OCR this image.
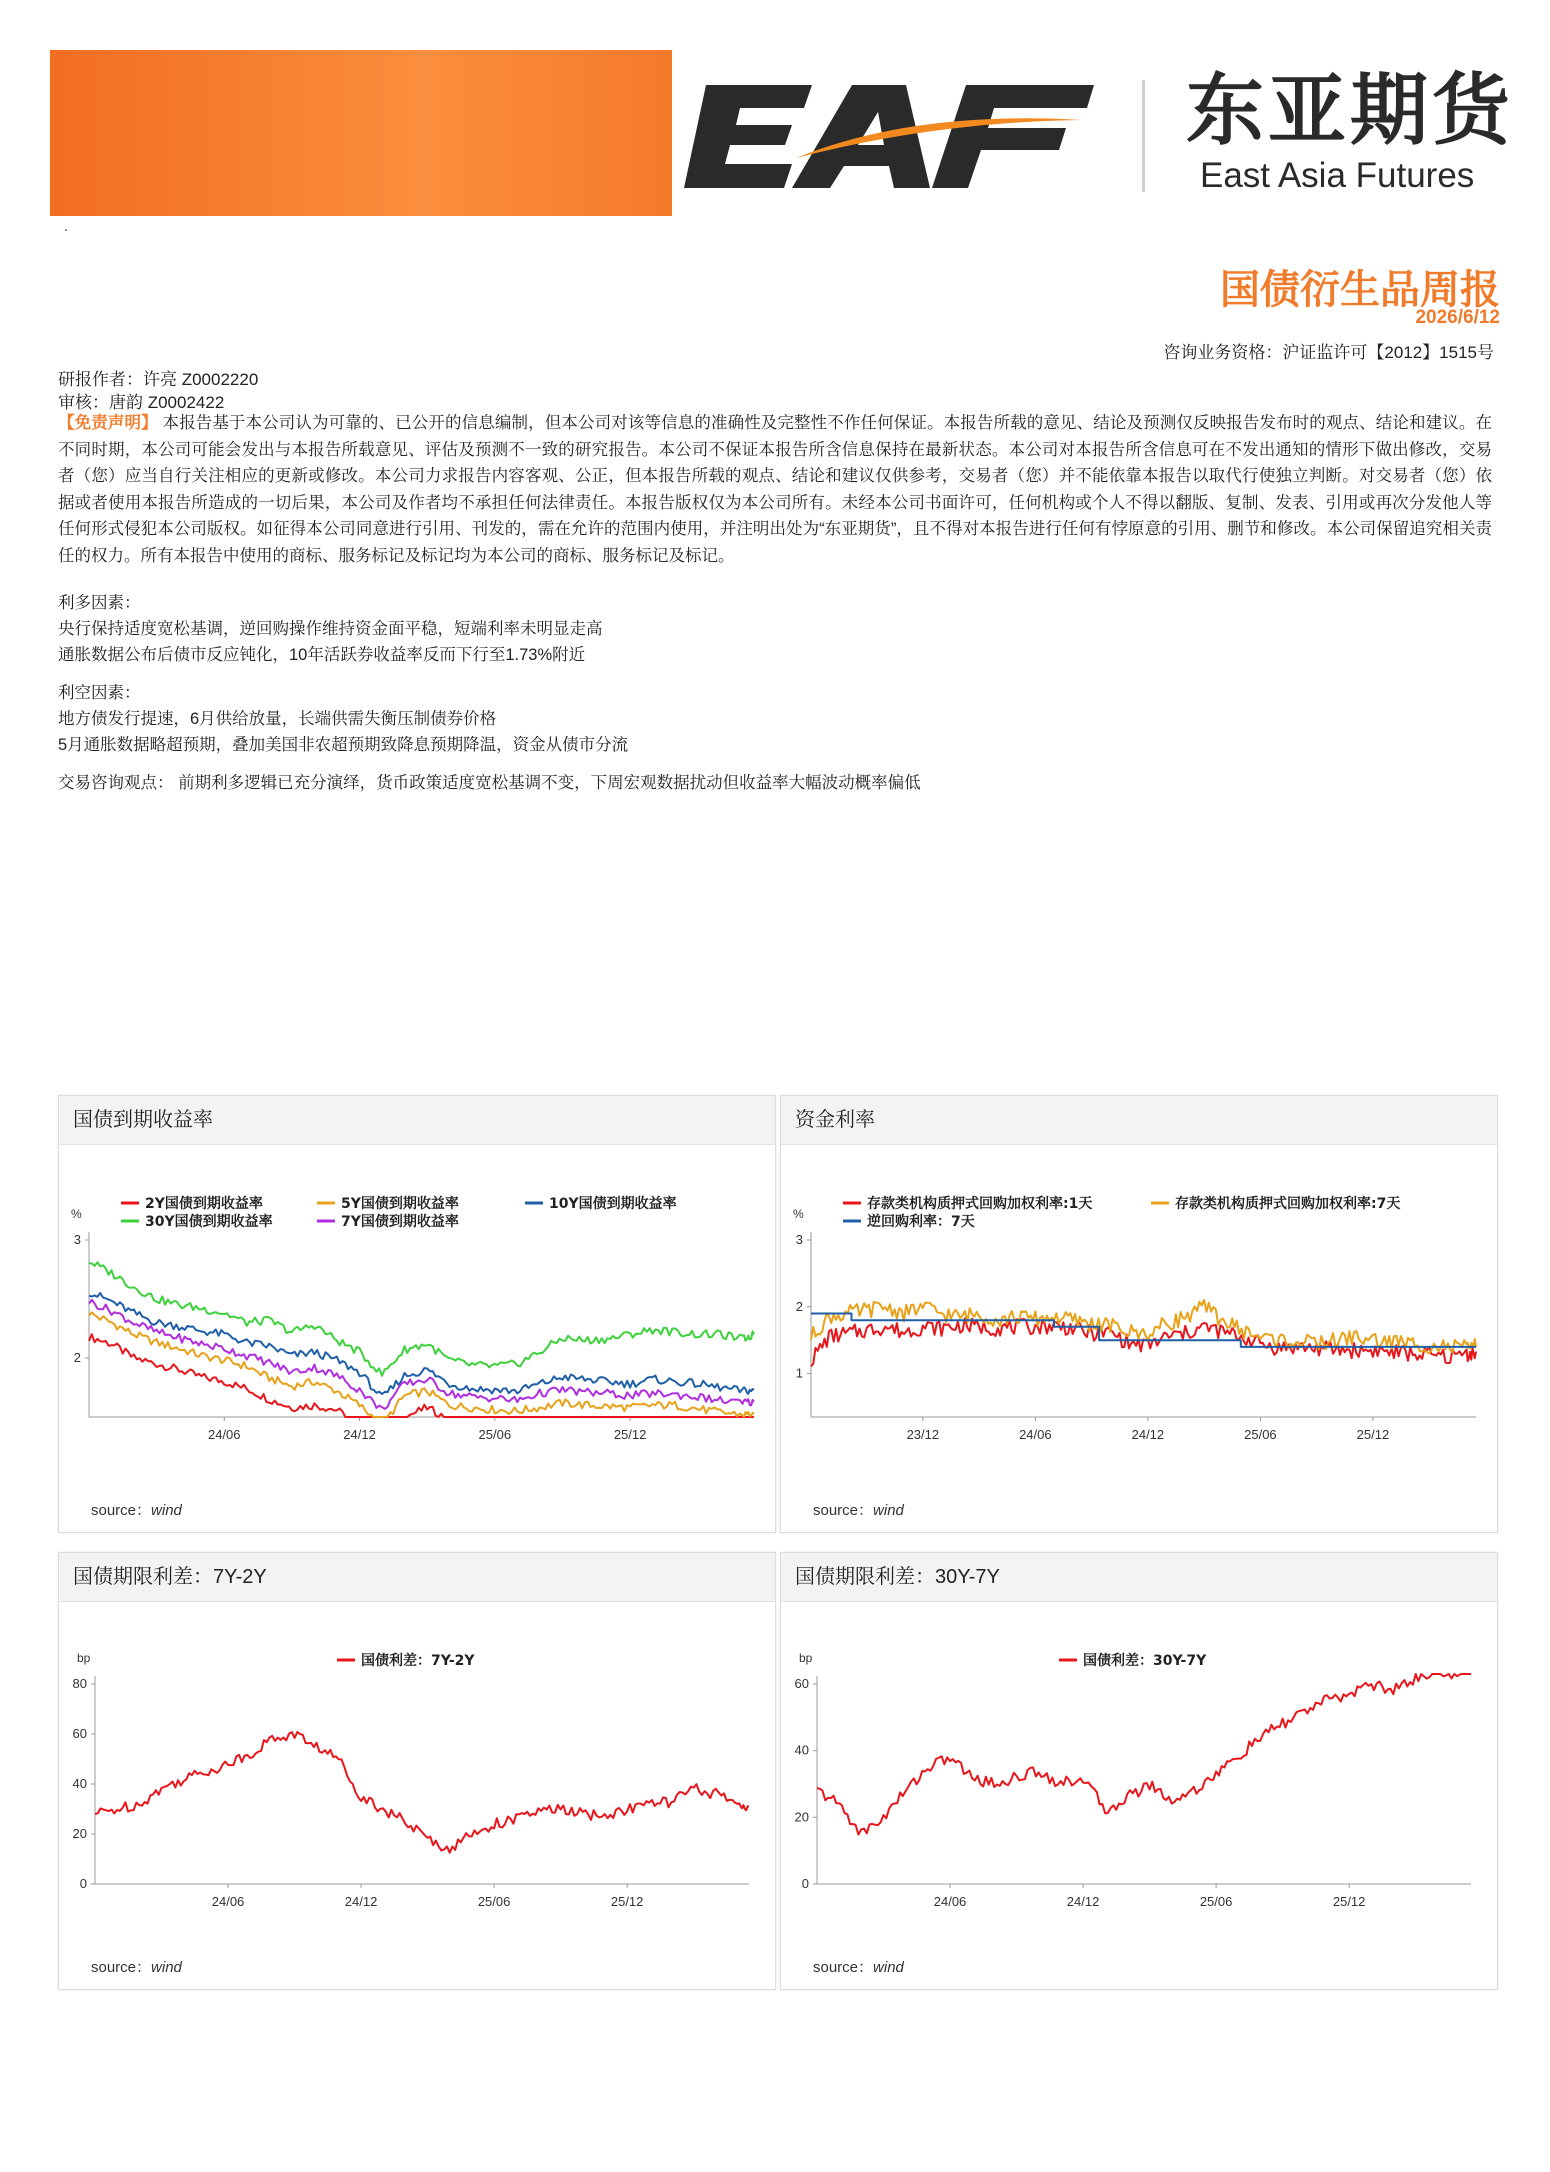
.
东亚期货
East Asia Futures
国债衍生品周报
2026/6/12
咨询业务资格：沪证监许可【2012】1515号
研报作者：许亮 Z0002220
审核：唐韵 Z0002422
【免责声明】 本报告基于本公司认为可靠的、已公开的信息编制，但本公司对该等信息的准确性及完整性不作任何保证。本报告所载的意见、结论及预测仅反映报告发布时的观点、结论和建议。在不同时期，本公司可能会发出与本报告所载意见、评估及预测不一致的研究报告。本公司不保证本报告所含信息保持在最新状态。本公司对本报告所含信息可在不发出通知的情形下做出修改，交易者（您）应当自行关注相应的更新或修改。本公司力求报告内容客观、公正，但本报告所载的观点、结论和建议仅供参考，交易者（您）并不能依靠本报告以取代行使独立判断。对交易者（您）依据或者使用本报告所造成的一切后果，本公司及作者均不承担任何法律责任。本报告版权仅为本公司所有。未经本公司书面许可，任何机构或个人不得以翻版、复制、发表、引用或再次分发他人等任何形式侵犯本公司版权。如征得本公司同意进行引用、刊发的，需在允许的范围内使用，并注明出处为“东亚期货”，且不得对本报告进行任何有悖原意的引用、删节和修改。本公司保留追究相关责任的权力。所有本报告中使用的商标、服务标记及标记均为本公司的商标、服务标记及标记。
利多因素：
央行保持适度宽松基调，逆回购操作维持资金面平稳，短端利率未明显走高
通胀数据公布后债市反应钝化，10年活跃券收益率反而下行至1.73%附近
利空因素：
地方债发行提速，6月供给放量，长端供需失衡压制债券价格
5月通胀数据略超预期，叠加美国非农超预期致降息预期降温，资金从债市分流
交易咨询观点： 前期利多逻辑已充分演绎，货币政策适度宽松基调不变，下周宏观数据扰动但收益率大幅波动概率偏低
国债到期收益率
%
3
2
24/06	24/12	25/06	25/12
2Y国债到期收益率	5Y国债到期收益率	10Y国债到期收益率
30Y国债到期收益率	7Y国债到期收益率
source：wind
资金利率
%
3
2
1
23/12	24/06	24/12	25/06	25/12
存款类机构质押式回购加权利率:1天	存款类机构质押式回购加权利率:7天
逆回购利率：7天
source：wind
国债期限利差：7Y-2Y
bp
80
60
40
20
0
24/06	24/12	25/06	25/12
国债利差：7Y-2Y
source：wind
国债期限利差：30Y-7Y
bp
60
40
20
0
24/06	24/12	25/06	25/12
国债利差：30Y-7Y
source：wind
